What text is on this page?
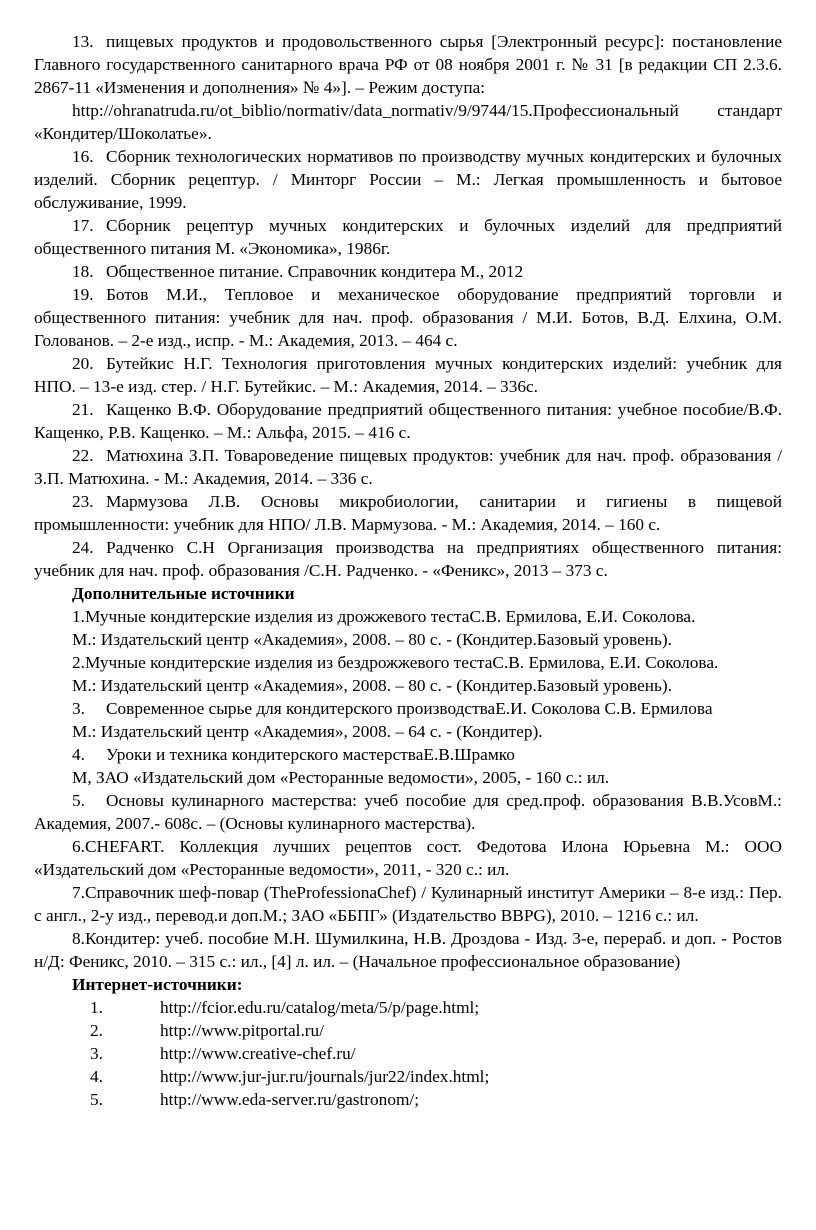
13. пищевых продуктов и продовольственного сырья [Электронный ресурс]: постановление Главного государственного санитарного врача РФ от 08 ноября 2001 г. № 31 [в редакции СП 2.3.6. 2867-11 «Изменения и дополнения» № 4»]. – Режим доступа:

http://ohranatruda.ru/ot_biblio/normativ/data_normativ/9/9744/15.Профессиональный стандарт «Кондитер/Шоколатье».

16. Сборник технологических нормативов по производству мучных кондитерских и булочных изделий. Сборник рецептур. / Минторг России – М.: Легкая промышленность и бытовое обслуживание, 1999.

17. Сборник рецептур мучных кондитерских и булочных изделий для предприятий общественного питания М. «Экономика», 1986г.

18. Общественное питание. Справочник кондитера М., 2012

19. Ботов М.И., Тепловое и механическое оборудование предприятий торговли и общественного питания: учебник для нач. проф. образования / М.И. Ботов, В.Д. Елхина, О.М. Голованов. – 2-е изд., испр. - М.: Академия, 2013. – 464 с.

20. Бутейкис Н.Г. Технология приготовления мучных кондитерских изделий: учебник для НПО. – 13-е изд. стер. / Н.Г. Бутейкис. – М.: Академия, 2014. – 336с.

21. Кащенко В.Ф. Оборудование предприятий общественного питания: учебное пособие/В.Ф. Кащенко, Р.В. Кащенко. – М.: Альфа, 2015. – 416 с.

22. Матюхина З.П. Товароведение пищевых продуктов: учебник для нач. проф. образования / З.П. Матюхина. - М.: Академия, 2014. – 336 с.

23. Мармузова Л.В. Основы микробиологии, санитарии и гигиены в пищевой промышленности: учебник для НПО/ Л.В. Мармузова. - М.: Академия, 2014. – 160 с.

24. Радченко С.Н Организация производства на предприятиях общественного питания: учебник для нач. проф. образования /С.Н. Радченко. - «Феникс», 2013 – 373 с.

Дополнительные источники

1.Мучные кондитерские изделия из дрожжевого тестаС.В. Ермилова, Е.И. Соколова.

М.: Издательский центр «Академия», 2008. – 80 с. - (Кондитер.Базовый уровень).

2.Мучные кондитерские изделия из бездрожжевого тестаС.В. Ермилова, Е.И. Соколова.

М.: Издательский центр «Академия», 2008. – 80 с. - (Кондитер.Базовый уровень).

3. Современное сырье для кондитерского производстваЕ.И. Соколова С.В. Ермилова

М.: Издательский центр «Академия», 2008. – 64 с. - (Кондитер).

4. Уроки и техника кондитерского мастерстваЕ.В.Шрамко

М, ЗАО «Издательский дом «Ресторанные ведомости», 2005, - 160 с.: ил.

5. Основы кулинарного мастерства: учеб пособие для сред.проф. образования В.В.УсовМ.: Академия, 2007.- 608с. – (Основы кулинарного мастерства).

6.CHEFART. Коллекция лучших рецептов сост. Федотова Илона Юрьевна М.: ООО «Издательский дом «Ресторанные ведомости», 2011, - 320 с.: ил.

7.Справочник шеф-повар (TheProfessionaChef) / Кулинарный институт Америки – 8-е изд.: Пер. с англ., 2-у изд., перевод.и доп.М.; ЗАО «ББПГ» (Издательство BBPG), 2010. – 1216 с.: ил.

8.Кондитер: учеб. пособие М.Н. Шумилкина, Н.В. Дроздова - Изд. 3-е, перераб. и доп. - Ростов н/Д: Феникс, 2010. – 315 с.: ил., [4] л. ил. – (Начальное профессиональное образование)

Интернет-источники:

1.	http://fcior.edu.ru/catalog/meta/5/p/page.html;
2.	http://www.pitportal.ru/
3.	http://www.creative-chef.ru/
4.	http://www.jur-jur.ru/journals/jur22/index.html;
5.	http://www.eda-server.ru/gastronom/;
